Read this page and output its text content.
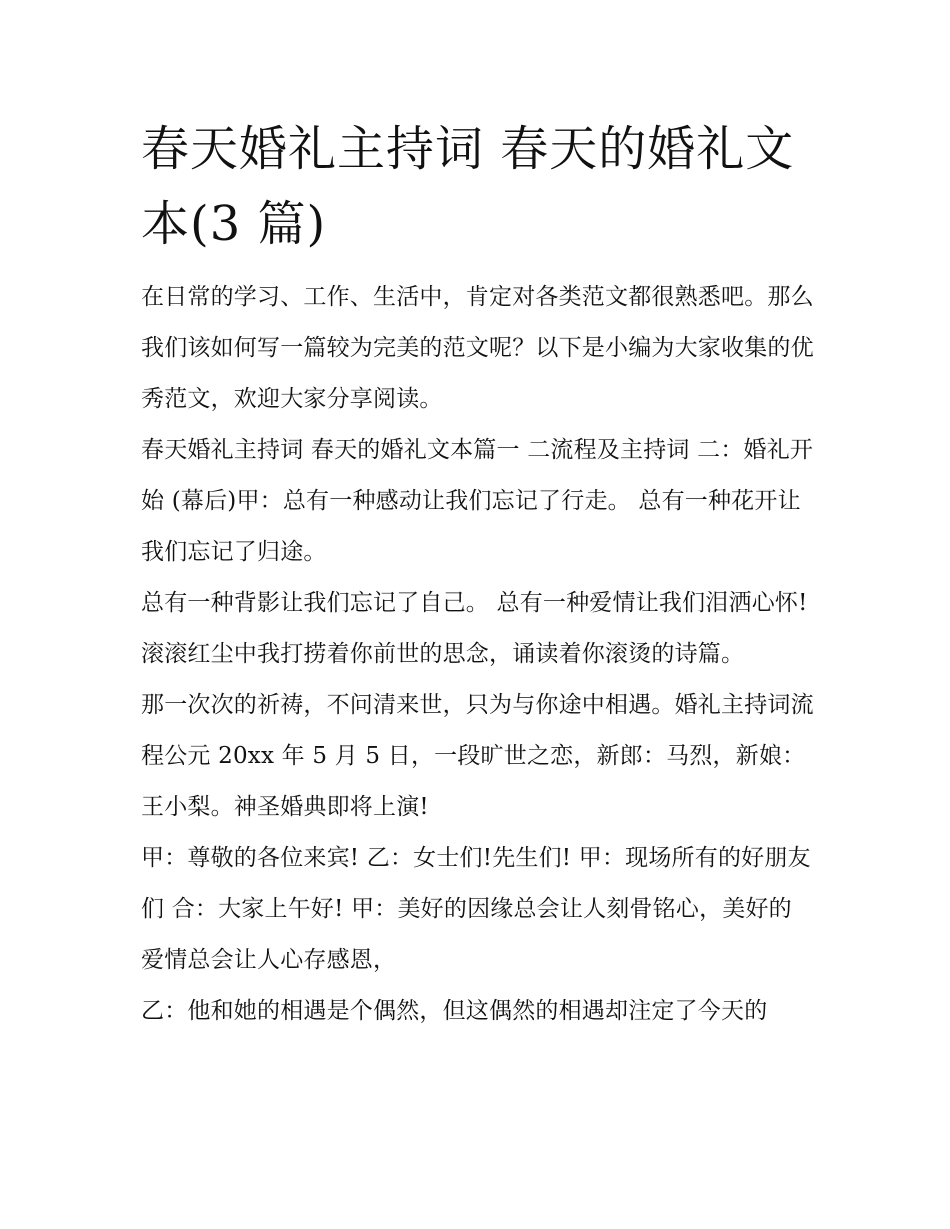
春天婚礼主持词 春天的婚礼文本(3 篇)

在日常的学习、工作、生活中，肯定对各类范文都很熟悉吧。那么我们该如何写一篇较为完美的范文呢？以下是小编为大家收集的优秀范文，欢迎大家分享阅读。

春天婚礼主持词 春天的婚礼文本篇一 二流程及主持词 二：婚礼开始 (幕后)甲：总有一种感动让我们忘记了行走。 总有一种花开让我们忘记了归途。

总有一种背影让我们忘记了自己。 总有一种爱情让我们泪洒心怀! 滚滚红尘中我打捞着你前世的思念，诵读着你滚烫的诗篇。

那一次次的祈祷，不问清来世，只为与你途中相遇。婚礼主持词流程公元 20xx 年 5 月 5 日，一段旷世之恋，新郎：马烈，新娘：王小梨。神圣婚典即将上演!

甲：尊敬的各位来宾! 乙：女士们!先生们! 甲：现场所有的好朋友们 合：大家上午好! 甲：美好的因缘总会让人刻骨铭心，美好的爱情总会让人心存感恩，

乙：他和她的相遇是个偶然，但这偶然的相遇却注定了今天的
